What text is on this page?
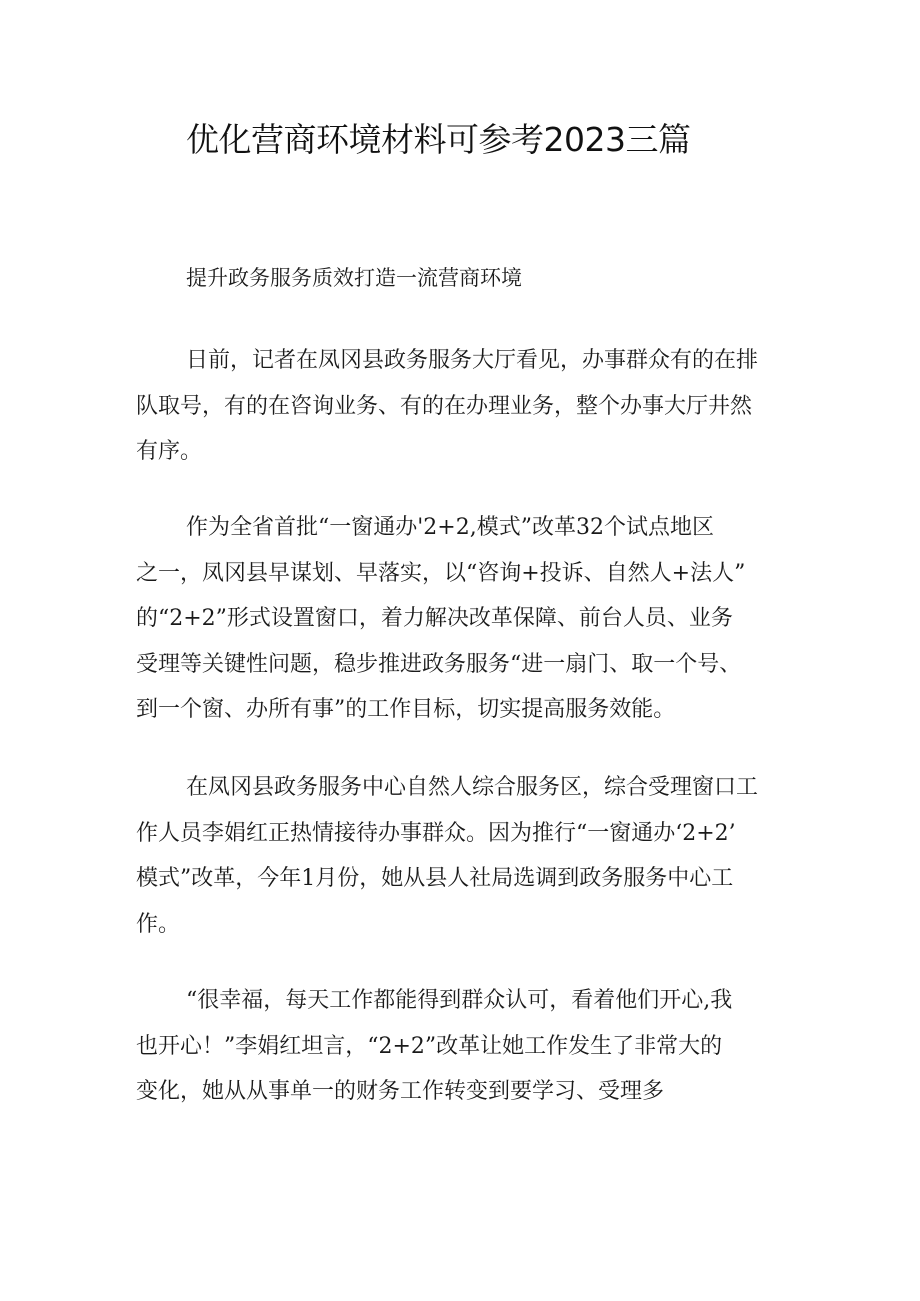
优化营商环境材料可参考2023三篇

提升政务服务质效打造一流营商环境

日前，记者在凤冈县政务服务大厅看见，办事群众有的在排
队取号，有的在咨询业务、有的在办理业务，整个办事大厅井然
有序。
作为全省首批“一窗通办'2+2,模式”改革32个试点地区
之一，凤冈县早谋划、早落实，以“咨询+投诉、自然人+法人”
的“2+2”形式设置窗口，着力解决改革保障、前台人员、业务
受理等关键性问题，稳步推进政务服务“进一扇门、取一个号、
到一个窗、办所有事”的工作目标，切实提高服务效能。
在凤冈县政务服务中心自然人综合服务区，综合受理窗口工
作人员李娟红正热情接待办事群众。因为推行“一窗通办‘2+2’
模式”改革，今年1月份，她从县人社局选调到政务服务中心工
作。
“很幸福，每天工作都能得到群众认可，看着他们开心,我
也开心！”李娟红坦言，“2+2”改革让她工作发生了非常大的
变化，她从从事单一的财务工作转变到要学习、受理多
